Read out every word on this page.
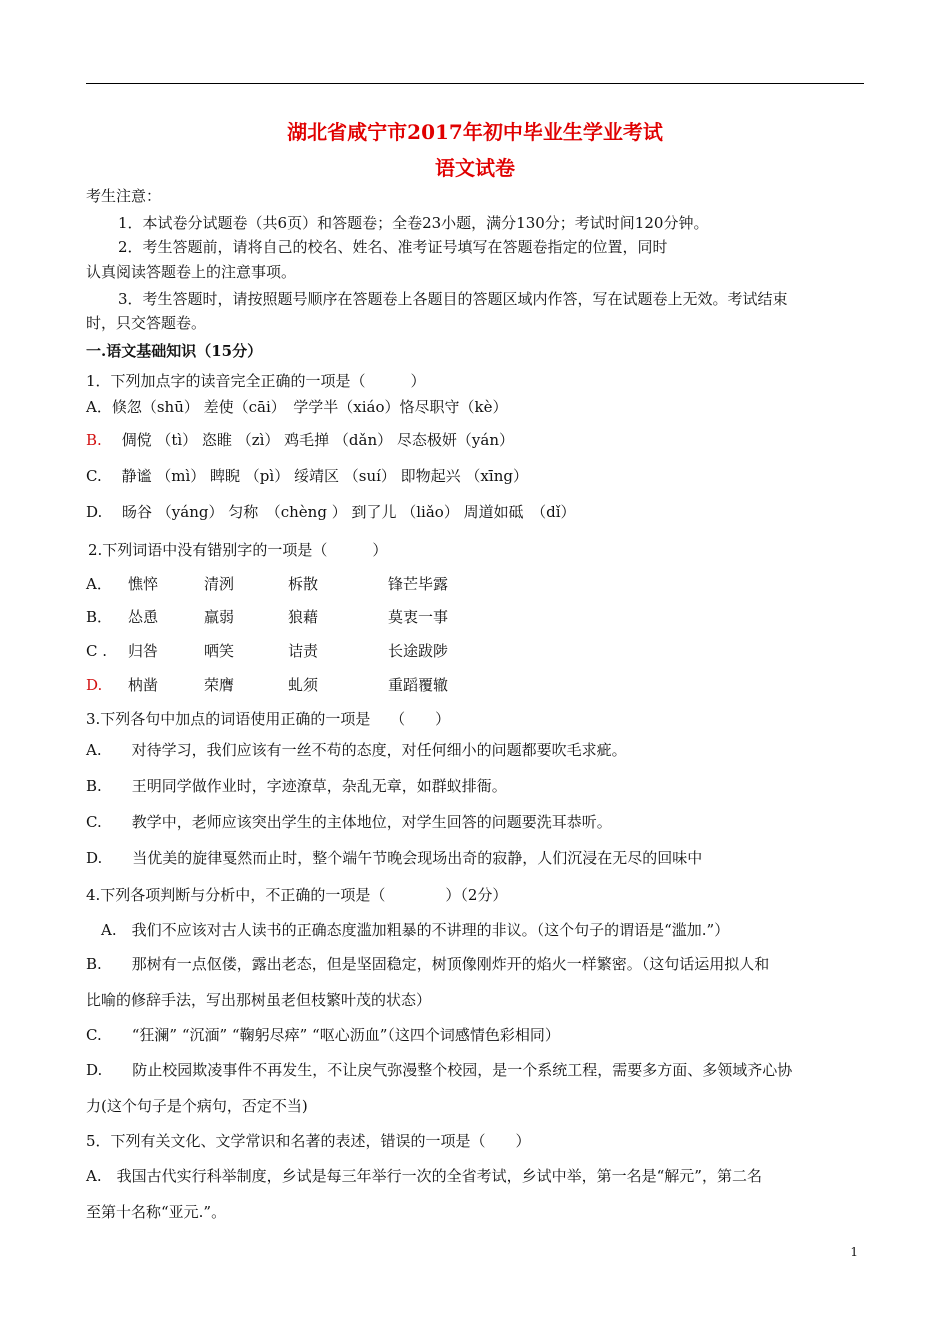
湖北省咸宁市2017年初中毕业生学业考试
语文试卷
考生注意：
1．本试卷分试题卷（共6页）和答题卷；全卷23小题，满分130分；考试时间120分钟。
2．考生答题前，请将自己的校名、姓名、准考证号填写在答题卷指定的位置，同时
认真阅读答题卷上的注意事项。
3．考生答题时，请按照题号顺序在答题卷上各题目的答题区域内作答，写在试题卷上无效。考试结束
时，只交答题卷。
一.语文基础知识（15分）
1．下列加点字的读音完全正确的一项是（　　　）
A．倏忽（shū） 差使（cāi）　学学半（xiáo）恪尽职守（kè）
B.　 倜傥 （tì） 恣睢 （zì） 鸡毛掸 （dǎn） 尽态极妍（yán）
C.　 静谧 （mì） 睥睨 （pì） 绥靖区 （suí） 即物起兴 （xīng）
D.　 旸谷 （yáng） 匀称　（chèng ） 到了儿 （liǎo） 周道如砥　（dǐ）
2.下列词语中没有错别字的一项是（　　　）
A． 憔悴	清洌	柝散	锋芒毕露
B． 怂恿	羸弱	狼藉	莫衷一事
C . 归咎	哂笑	诘责	长途跋陟
D. 枘凿	荣膺	虬须	重蹈覆辙
3.下列各句中加点的词语使用正确的一项是　 （　　）
A.　　对待学习，我们应该有一丝不苟的态度，对任何细小的问题都要吹毛求疵。
B.　　王明同学做作业时，字迹潦草，杂乱无章，如群蚁排衙。
C.　　教学中，老师应该突出学生的主体地位，对学生回答的问题要洗耳恭听。
D.　　当优美的旋律戛然而止时，整个端午节晚会现场出奇的寂静，人们沉浸在无尽的回味中
4.下列各项判断与分析中，不正确的一项是（　　　　）（2分）
　A.　我们不应该对古人读书的正确态度滥加粗暴的不讲理的非议。（这个句子的谓语是“滥加.”）
B.　　那树有一点伛偻，露出老态，但是坚固稳定，树顶像刚炸开的焰火一样繁密。（这句话运用拟人和
比喻的修辞手法，写出那树虽老但枝繁叶茂的状态）
C.　　“狂澜” “沉湎” “鞠躬尽瘁” “呕心沥血”（这四个词感情色彩相同）
D.　　防止校园欺凌事件不再发生，不让戾气弥漫整个校园，是一个系统工程，需要多方面、多领域齐心协
力(这个句子是个病句，否定不当)
5．下列有关文化、文学常识和名著的表述，错误的一项是（　　）
A.　我国古代实行科举制度，乡试是每三年举行一次的全省考试，乡试中举，第一名是“解元”，第二名
至第十名称“亚元.”。
1
